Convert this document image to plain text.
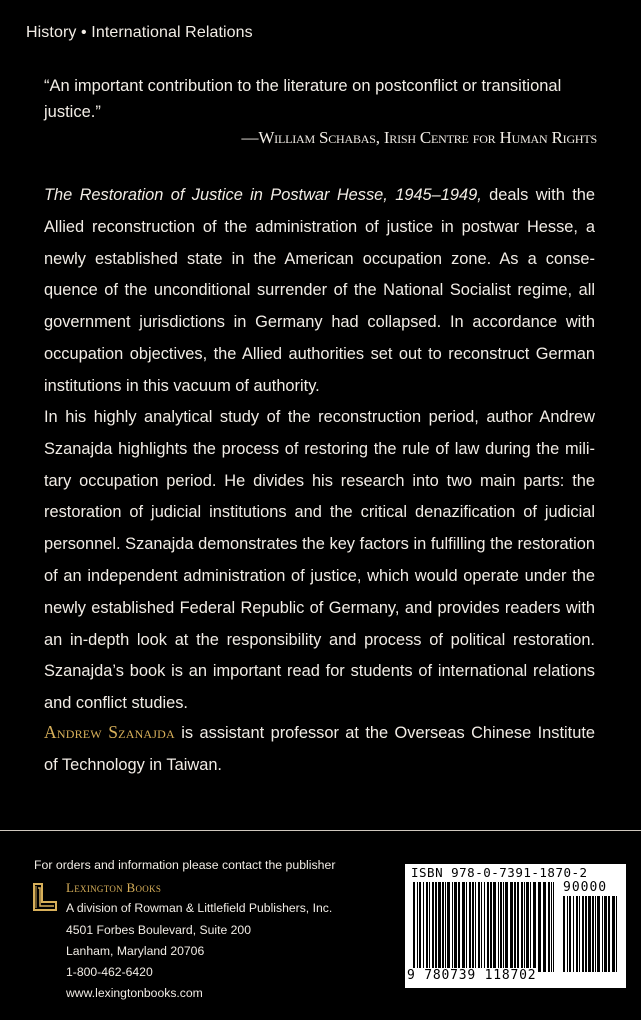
History • International Relations
“An important contribution to the literature on postconflict or transitional justice.”
—William Schabas, Irish Centre for Human Rights

The Restoration of Justice in Postwar Hesse, 1945–1949, deals with the Allied reconstruction of the administration of justice in postwar Hesse, a newly established state in the American occupation zone. As a consequence of the unconditional surrender of the National Socialist regime, all government jurisdictions in Germany had collapsed. In accordance with occupation objectives, the Allied authorities set out to reconstruct German institutions in this vacuum of authority.

In his highly analytical study of the reconstruction period, author Andrew Szanajda highlights the process of restoring the rule of law during the military occupation period. He divides his research into two main parts: the restoration of judicial institutions and the critical denazification of judicial personnel. Szanajda demonstrates the key factors in fulfilling the restoration of an independent administration of justice, which would operate under the newly established Federal Republic of Germany, and provides readers with an in-depth look at the responsibility and process of political restoration. Szanajda’s book is an important read for students of international relations and conflict studies.

Andrew Szanajda is assistant professor at the Overseas Chinese Institute of Technology in Taiwan.

For orders and information please contact the publisher
Lexington Books
A division of Rowman & Littlefield Publishers, Inc.
4501 Forbes Boulevard, Suite 200
Lanham, Maryland 20706
1-800-462-6420
www.lexingtonbooks.com
ISBN 978-0-7391-1870-2
90000
9 780739 118702
